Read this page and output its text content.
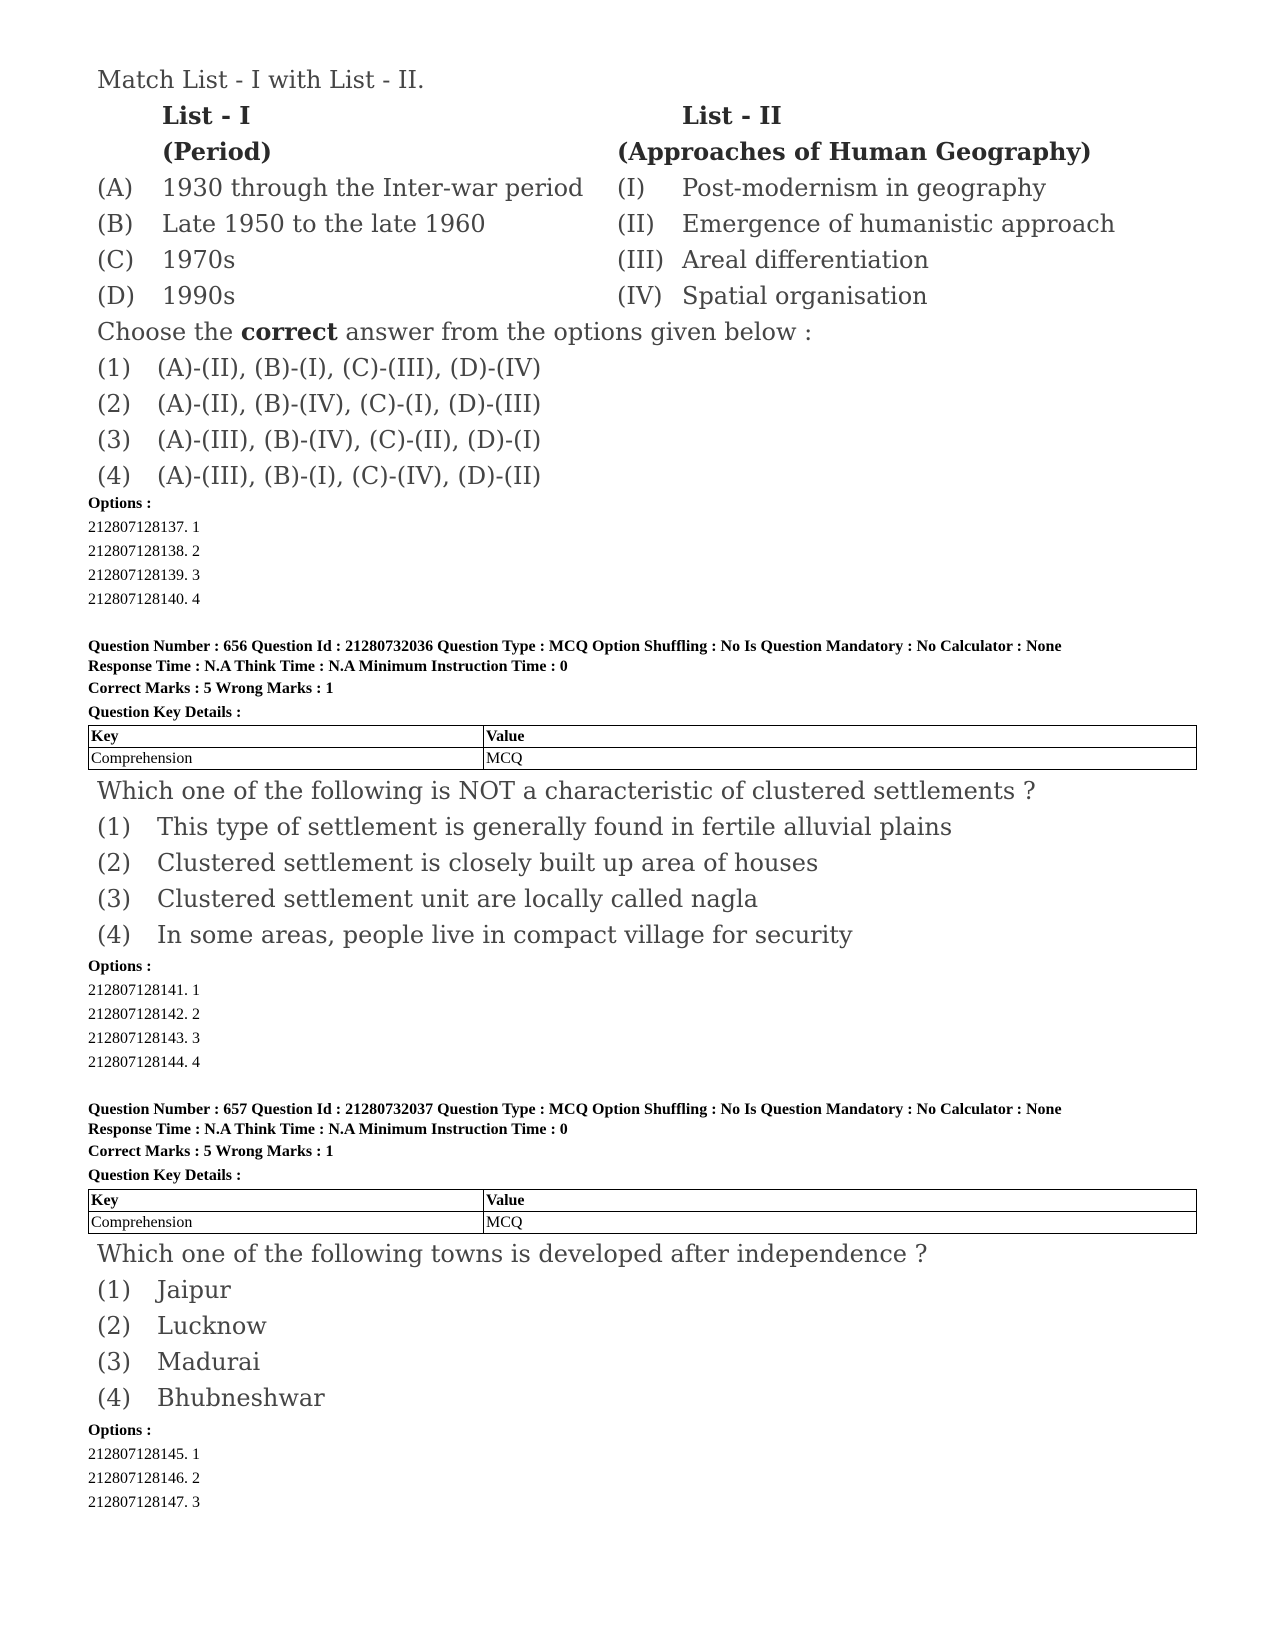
Match List - I with List - II.
List - I	List - II
(Period)	(Approaches of Human Geography)
(A) 1930 through the Inter-war period (I) Post-modernism in geography
(B) Late 1950 to the late 1960	(II) Emergence of humanistic approach
(C) 1970s	(III) Areal differentiation
(D) 1990s	(IV) Spatial organisation
Choose the correct answer from the options given below :
(1) (A)-(II), (B)-(I), (C)-(III), (D)-(IV)
(2) (A)-(II), (B)-(IV), (C)-(I), (D)-(III)
(3) (A)-(III), (B)-(IV), (C)-(II), (D)-(I)
(4) (A)-(III), (B)-(I), (C)-(IV), (D)-(II)
Options :
212807128137. 1
212807128138. 2
212807128139. 3
212807128140. 4
Question Number : 656 Question Id : 21280732036 Question Type : MCQ Option Shuffling : No Is Question Mandatory : No Calculator : None
Response Time : N.A Think Time : N.A Minimum Instruction Time : 0
Correct Marks : 5 Wrong Marks : 1
Question Key Details :
Key	Value
Comprehension	MCQ
Which one of the following is NOT a characteristic of clustered settlements ?
(1) This type of settlement is generally found in fertile alluvial plains
(2) Clustered settlement is closely built up area of houses
(3) Clustered settlement unit are locally called nagla
(4) In some areas, people live in compact village for security
Options :
212807128141. 1
212807128142. 2
212807128143. 3
212807128144. 4
Question Number : 657 Question Id : 21280732037 Question Type : MCQ Option Shuffling : No Is Question Mandatory : No Calculator : None
Response Time : N.A Think Time : N.A Minimum Instruction Time : 0
Correct Marks : 5 Wrong Marks : 1
Question Key Details :
Key	Value
Comprehension	MCQ
Which one of the following towns is developed after independence ?
(1) Jaipur
(2) Lucknow
(3) Madurai
(4) Bhubneshwar
Options :
212807128145. 1
212807128146. 2
212807128147. 3
